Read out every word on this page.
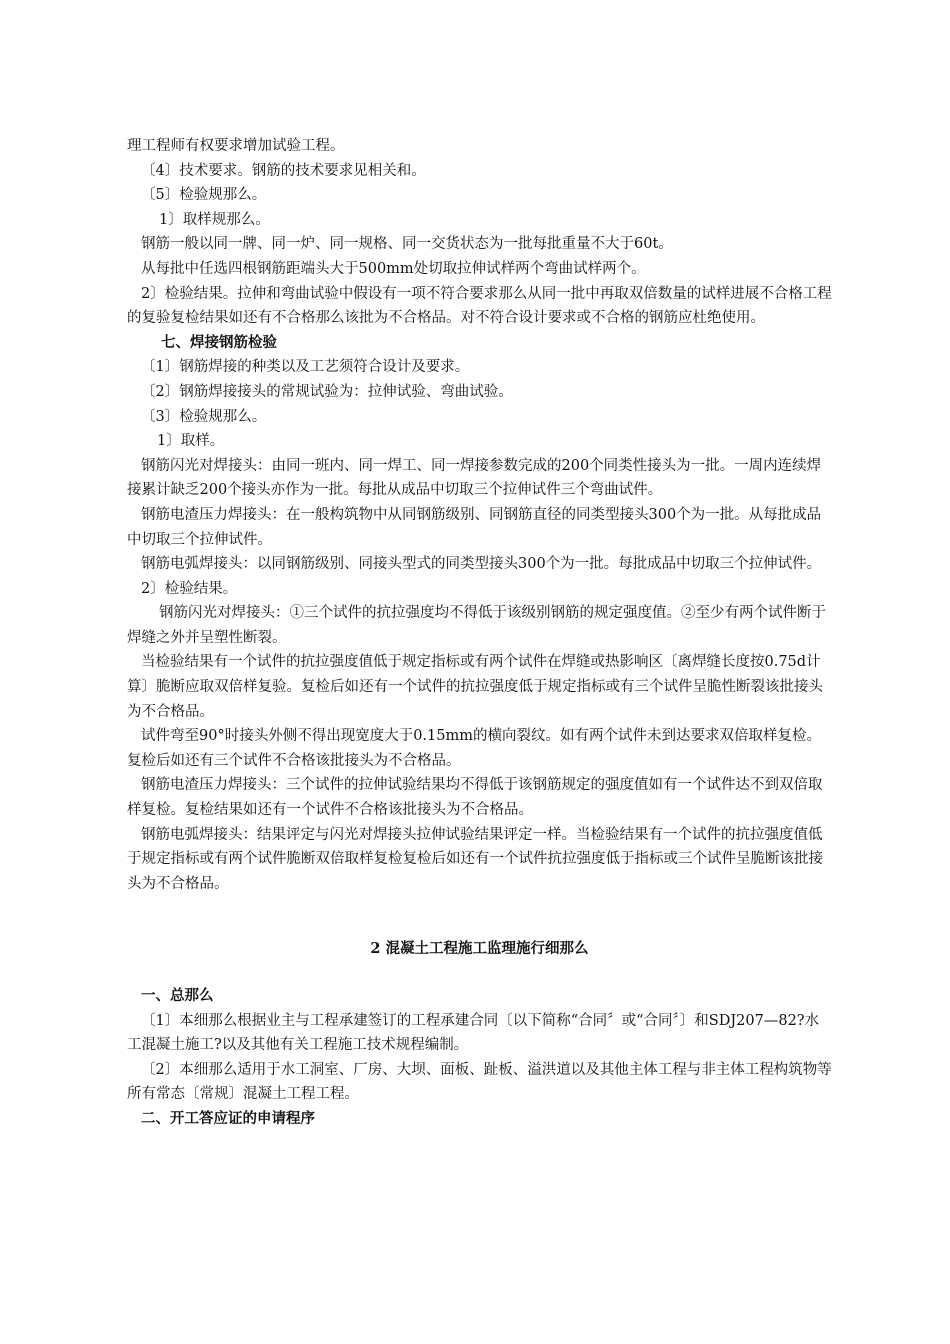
理工程师有权要求增加试验工程。

〔4〕技术要求。钢筋的技术要求见相关和。

〔5〕检验规那么。

1〕取样规那么。

钢筋一般以同一牌、同一炉、同一规格、同一交货状态为一批每批重量不大于60t。

从每批中任选四根钢筋距端头大于500mm处切取拉伸试样两个弯曲试样两个。

2〕检验结果。拉伸和弯曲试验中假设有一项不符合要求那么从同一批中再取双倍数量的试样进展不合格工程的复验复检结果如还有不合格那么该批为不合格品。对不符合设计要求或不合格的钢筋应杜绝使用。

七、焊接钢筋检验

〔1〕钢筋焊接的种类以及工艺须符合设计及要求。

〔2〕钢筋焊接接头的常规试验为：拉伸试验、弯曲试验。

〔3〕检验规那么。

1〕取样。

钢筋闪光对焊接头：由同一班内、同一焊工、同一焊接参数完成的200个同类性接头为一批。一周内连续焊接累计缺乏200个接头亦作为一批。每批从成品中切取三个拉伸试件三个弯曲试件。

钢筋电渣压力焊接头：在一般构筑物中从同钢筋级别、同钢筋直径的同类型接头300个为一批。从每批成品中切取三个拉伸试件。

钢筋电弧焊接头：以同钢筋级别、同接头型式的同类型接头300个为一批。每批成品中切取三个拉伸试件。

2〕检验结果。

钢筋闪光对焊接头：①三个试件的抗拉强度均不得低于该级别钢筋的规定强度值。②至少有两个试件断于焊缝之外并呈塑性断裂。

当检验结果有一个试件的抗拉强度值低于规定指标或有两个试件在焊缝或热影响区〔离焊缝长度按0.75d计算〕脆断应取双倍样复验。复检后如还有一个试件的抗拉强度低于规定指标或有三个试件呈脆性断裂该批接头为不合格品。

试件弯至90°时接头外侧不得出现宽度大于0.15mm的横向裂纹。如有两个试件未到达要求双倍取样复检。复检后如还有三个试件不合格该批接头为不合格品。

钢筋电渣压力焊接头：三个试件的拉伸试验结果均不得低于该钢筋规定的强度值如有一个试件达不到双倍取样复检。复检结果如还有一个试件不合格该批接头为不合格品。

钢筋电弧焊接头：结果评定与闪光对焊接头拉伸试验结果评定一样。当检验结果有一个试件的抗拉强度值低于规定指标或有两个试件脆断双倍取样复检复检后如还有一个试件抗拉强度低于指标或三个试件呈脆断该批接头为不合格品。

2 混凝土工程施工监理施行细那么

一、总那么

〔1〕本细那么根据业主与工程承建签订的工程承建合同〔以下简称“合同〞或“合同〞〕和SDJ207—82?水工混凝土施工?以及其他有关工程施工技术规程编制。

〔2〕本细那么适用于水工洞室、厂房、大坝、面板、趾板、溢洪道以及其他主体工程与非主体工程构筑物等所有常态〔常规〕混凝土工程工程。

二、开工答应证的申请程序
